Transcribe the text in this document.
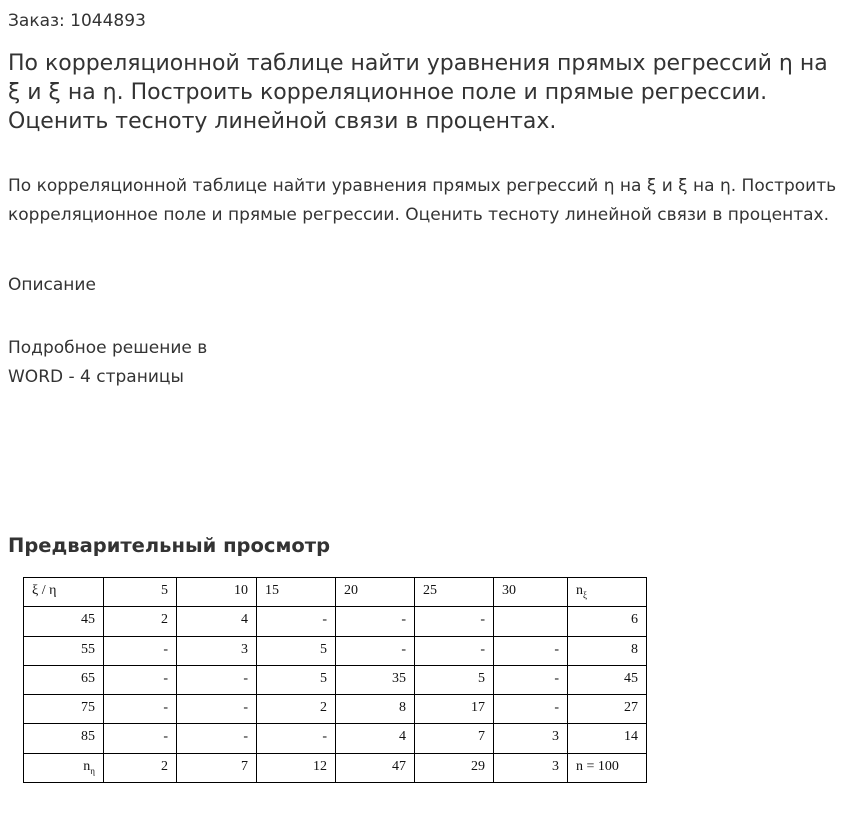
Заказ: 1044893
По корреляционной таблице найти уравнения прямых регрессий η на ξ и ξ на η. Построить корреляционное поле и прямые регрессии. Оценить тесноту линейной связи в процентах.
По корреляционной таблице найти уравнения прямых регрессий η на ξ и ξ на η. Построить корреляционное поле и прямые регрессии. Оценить тесноту линейной связи в процентах.
Описание
Подробное решение в
WORD - 4 страницы
Предварительный просмотр
ξ / η	5	10	15	20	25	30	$n_\xi$
45	2	4	-	-	-		6
55	-	3	5	-	-	-	8
65	-	-	5	35	5	-	45
75	-	-	2	8	17	-	27
85	-	-	-	4	7	3	14
$n_\eta$	2	7	12	47	29	3	n = 100
